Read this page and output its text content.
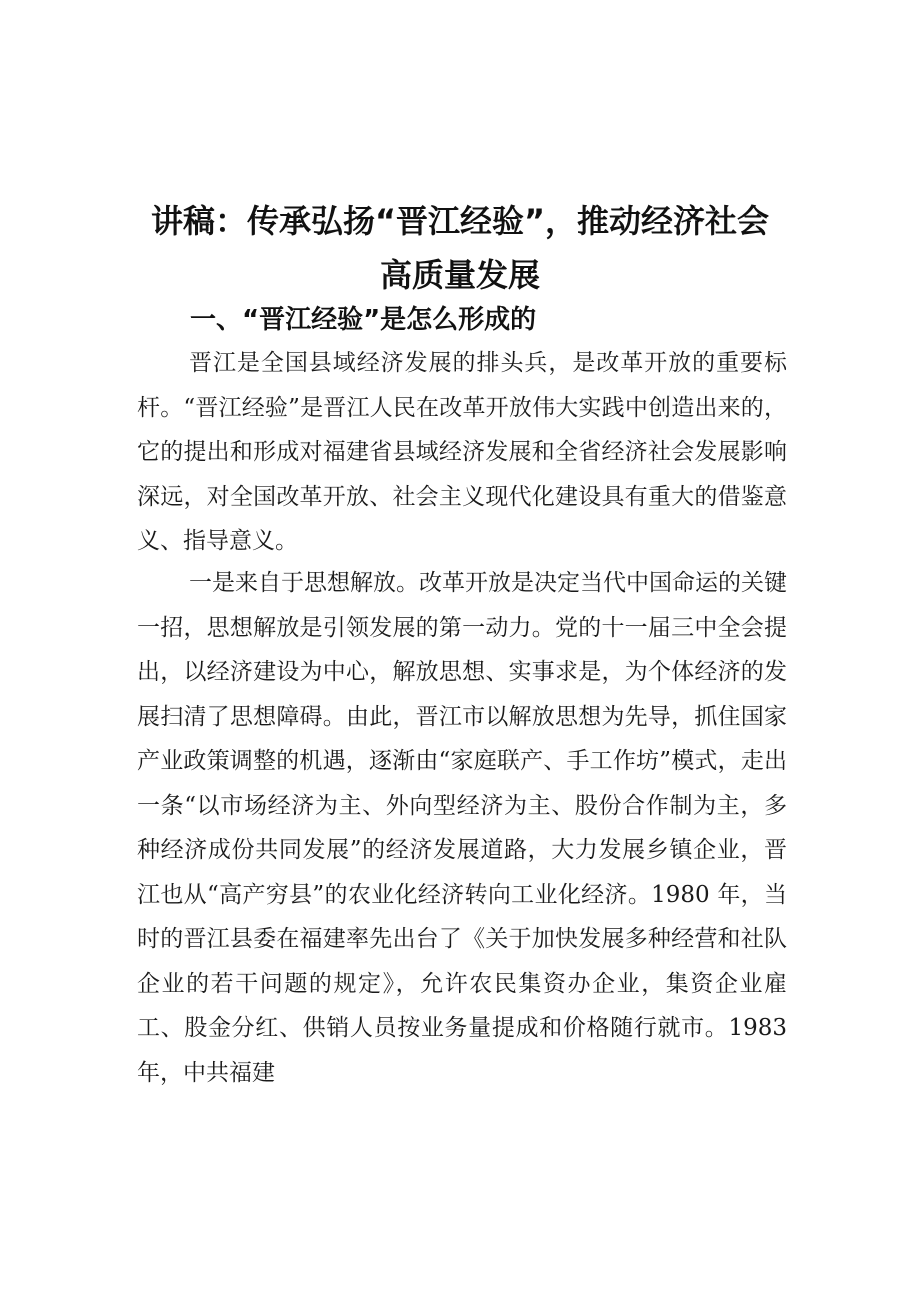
讲稿：传承弘扬“晋江经验”，推动经济社会高质量发展
一、“晋江经验”是怎么形成的

晋江是全国县域经济发展的排头兵，是改革开放的重要标杆。“晋江经验”是晋江人民在改革开放伟大实践中创造出来的，它的提出和形成对福建省县域经济发展和全省经济社会发展影响深远，对全国改革开放、社会主义现代化建设具有重大的借鉴意义、指导意义。

一是来自于思想解放。改革开放是决定当代中国命运的关键一招，思想解放是引领发展的第一动力。党的十一届三中全会提出，以经济建设为中心，解放思想、实事求是，为个体经济的发展扫清了思想障碍。由此，晋江市以解放思想为先导，抓住国家产业政策调整的机遇，逐渐由“家庭联产、手工作坊”模式，走出一条“以市场经济为主、外向型经济为主、股份合作制为主，多种经济成份共同发展”的经济发展道路，大力发展乡镇企业，晋江也从“高产穷县”的农业化经济转向工业化经济。1980 年，当时的晋江县委在福建率先出台了《关于加快发展多种经营和社队企业的若干问题的规定》，允许农民集资办企业，集资企业雇工、股金分红、供销人员按业务量提成和价格随行就市。1983 年，中共福建
